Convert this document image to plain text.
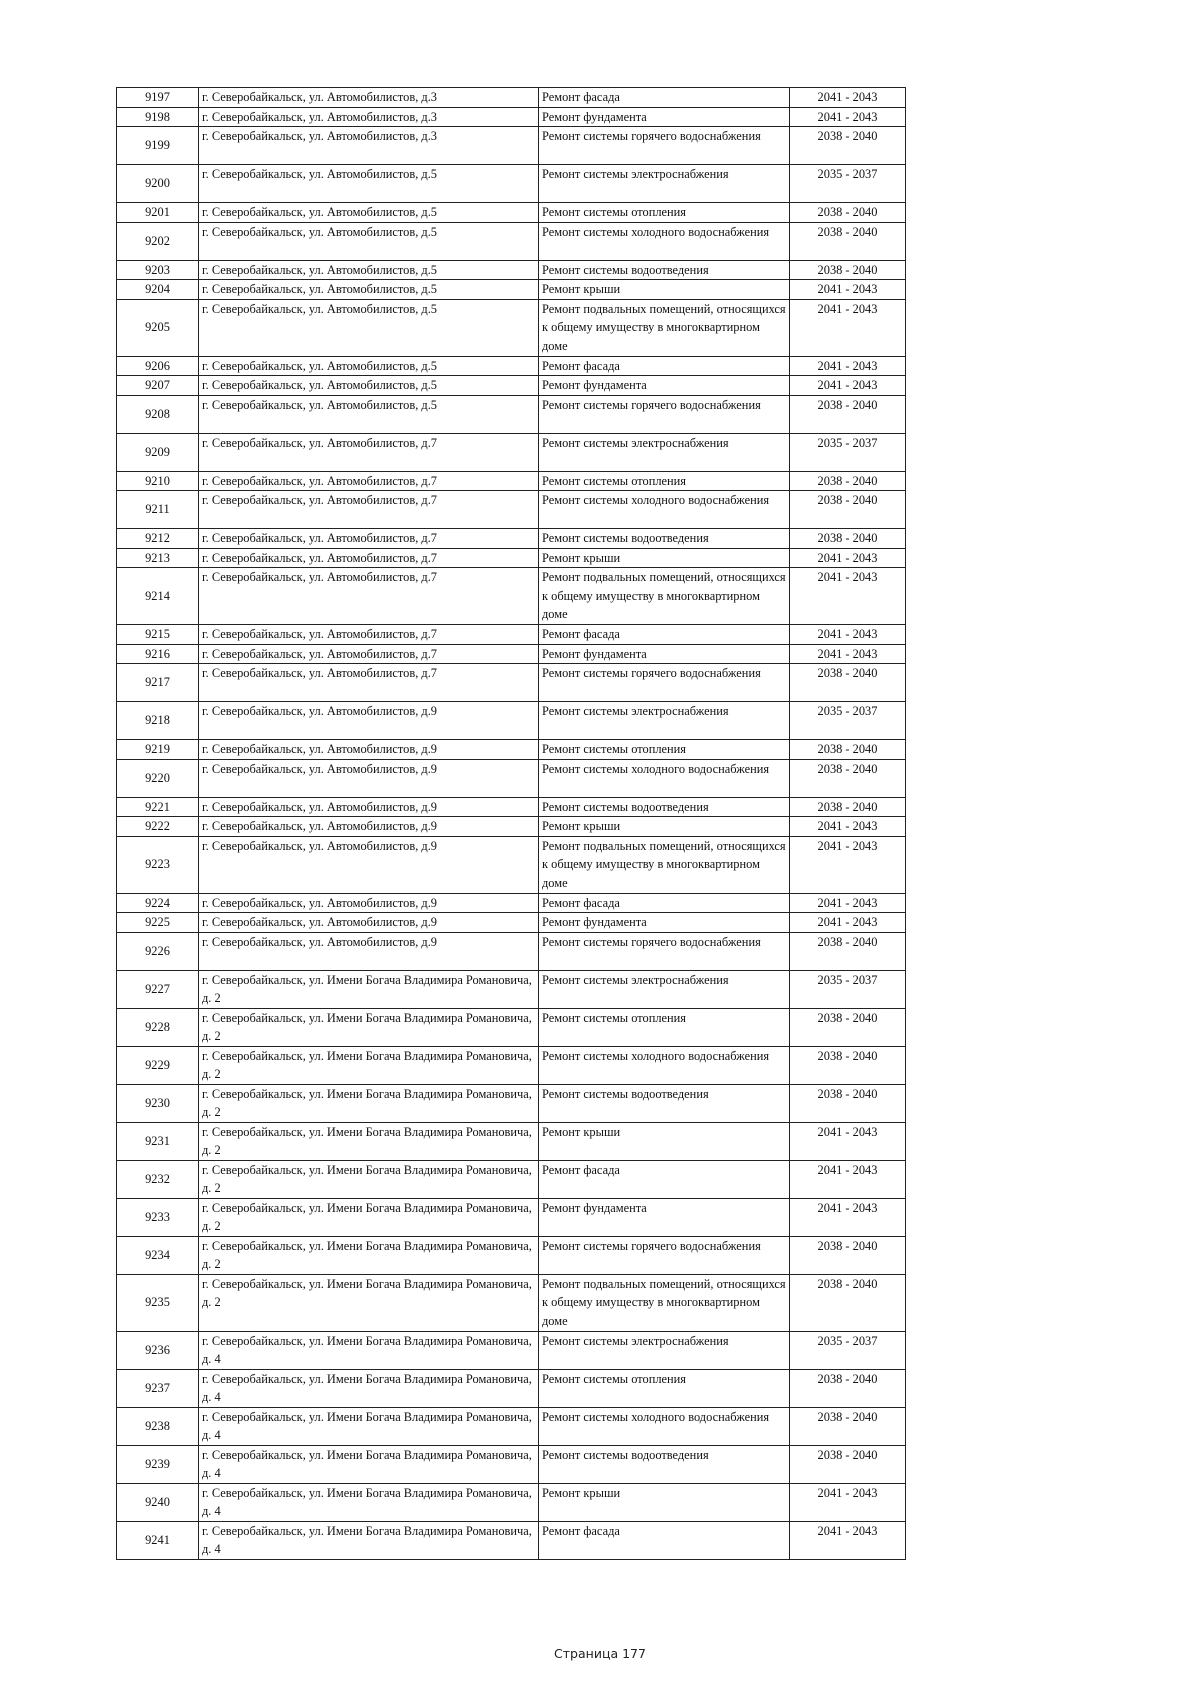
9197	г. Северобайкальск, ул. Автомобилистов, д.3	Ремонт фасада	2041 - 2043
9198	г. Северобайкальск, ул. Автомобилистов, д.3	Ремонт фундамента	2041 - 2043
9199	г. Северобайкальск, ул. Автомобилистов, д.3	Ремонт системы горячего водоснабжения	2038 - 2040
9200	г. Северобайкальск, ул. Автомобилистов, д.5	Ремонт системы электроснабжения	2035 - 2037
9201	г. Северобайкальск, ул. Автомобилистов, д.5	Ремонт системы отопления	2038 - 2040
9202	г. Северобайкальск, ул. Автомобилистов, д.5	Ремонт системы холодного водоснабжения	2038 - 2040
9203	г. Северобайкальск, ул. Автомобилистов, д.5	Ремонт системы водоотведения	2038 - 2040
9204	г. Северобайкальск, ул. Автомобилистов, д.5	Ремонт крыши	2041 - 2043
9205	г. Северобайкальск, ул. Автомобилистов, д.5	Ремонт подвальных помещений, относящихся к общему имуществу в многоквартирном доме	2041 - 2043
9206	г. Северобайкальск, ул. Автомобилистов, д.5	Ремонт фасада	2041 - 2043
9207	г. Северобайкальск, ул. Автомобилистов, д.5	Ремонт фундамента	2041 - 2043
9208	г. Северобайкальск, ул. Автомобилистов, д.5	Ремонт системы горячего водоснабжения	2038 - 2040
9209	г. Северобайкальск, ул. Автомобилистов, д.7	Ремонт системы электроснабжения	2035 - 2037
9210	г. Северобайкальск, ул. Автомобилистов, д.7	Ремонт системы отопления	2038 - 2040
9211	г. Северобайкальск, ул. Автомобилистов, д.7	Ремонт системы холодного водоснабжения	2038 - 2040
9212	г. Северобайкальск, ул. Автомобилистов, д.7	Ремонт системы водоотведения	2038 - 2040
9213	г. Северобайкальск, ул. Автомобилистов, д.7	Ремонт крыши	2041 - 2043
9214	г. Северобайкальск, ул. Автомобилистов, д.7	Ремонт подвальных помещений, относящихся к общему имуществу в многоквартирном доме	2041 - 2043
9215	г. Северобайкальск, ул. Автомобилистов, д.7	Ремонт фасада	2041 - 2043
9216	г. Северобайкальск, ул. Автомобилистов, д.7	Ремонт фундамента	2041 - 2043
9217	г. Северобайкальск, ул. Автомобилистов, д.7	Ремонт системы горячего водоснабжения	2038 - 2040
9218	г. Северобайкальск, ул. Автомобилистов, д.9	Ремонт системы электроснабжения	2035 - 2037
9219	г. Северобайкальск, ул. Автомобилистов, д.9	Ремонт системы отопления	2038 - 2040
9220	г. Северобайкальск, ул. Автомобилистов, д.9	Ремонт системы холодного водоснабжения	2038 - 2040
9221	г. Северобайкальск, ул. Автомобилистов, д.9	Ремонт системы водоотведения	2038 - 2040
9222	г. Северобайкальск, ул. Автомобилистов, д.9	Ремонт крыши	2041 - 2043
9223	г. Северобайкальск, ул. Автомобилистов, д.9	Ремонт подвальных помещений, относящихся к общему имуществу в многоквартирном доме	2041 - 2043
9224	г. Северобайкальск, ул. Автомобилистов, д.9	Ремонт фасада	2041 - 2043
9225	г. Северобайкальск, ул. Автомобилистов, д.9	Ремонт фундамента	2041 - 2043
9226	г. Северобайкальск, ул. Автомобилистов, д.9	Ремонт системы горячего водоснабжения	2038 - 2040
9227	г. Северобайкальск, ул. Имени Богача Владимира Романовича, д. 2	Ремонт системы электроснабжения	2035 - 2037
9228	г. Северобайкальск, ул. Имени Богача Владимира Романовича, д. 2	Ремонт системы отопления	2038 - 2040
9229	г. Северобайкальск, ул. Имени Богача Владимира Романовича, д. 2	Ремонт системы холодного водоснабжения	2038 - 2040
9230	г. Северобайкальск, ул. Имени Богача Владимира Романовича, д. 2	Ремонт системы водоотведения	2038 - 2040
9231	г. Северобайкальск, ул. Имени Богача Владимира Романовича, д. 2	Ремонт крыши	2041 - 2043
9232	г. Северобайкальск, ул. Имени Богача Владимира Романовича, д. 2	Ремонт фасада	2041 - 2043
9233	г. Северобайкальск, ул. Имени Богача Владимира Романовича, д. 2	Ремонт фундамента	2041 - 2043
9234	г. Северобайкальск, ул. Имени Богача Владимира Романовича, д. 2	Ремонт системы горячего водоснабжения	2038 - 2040
9235	г. Северобайкальск, ул. Имени Богача Владимира Романовича, д. 2	Ремонт подвальных помещений, относящихся к общему имуществу в многоквартирном доме	2038 - 2040
9236	г. Северобайкальск, ул. Имени Богача Владимира Романовича, д. 4	Ремонт системы электроснабжения	2035 - 2037
9237	г. Северобайкальск, ул. Имени Богача Владимира Романовича, д. 4	Ремонт системы отопления	2038 - 2040
9238	г. Северобайкальск, ул. Имени Богача Владимира Романовича, д. 4	Ремонт системы холодного водоснабжения	2038 - 2040
9239	г. Северобайкальск, ул. Имени Богача Владимира Романовича, д. 4	Ремонт системы водоотведения	2038 - 2040
9240	г. Северобайкальск, ул. Имени Богача Владимира Романовича, д. 4	Ремонт крыши	2041 - 2043
9241	г. Северобайкальск, ул. Имени Богача Владимира Романовича, д. 4	Ремонт фасада	2041 - 2043
Страница 177
